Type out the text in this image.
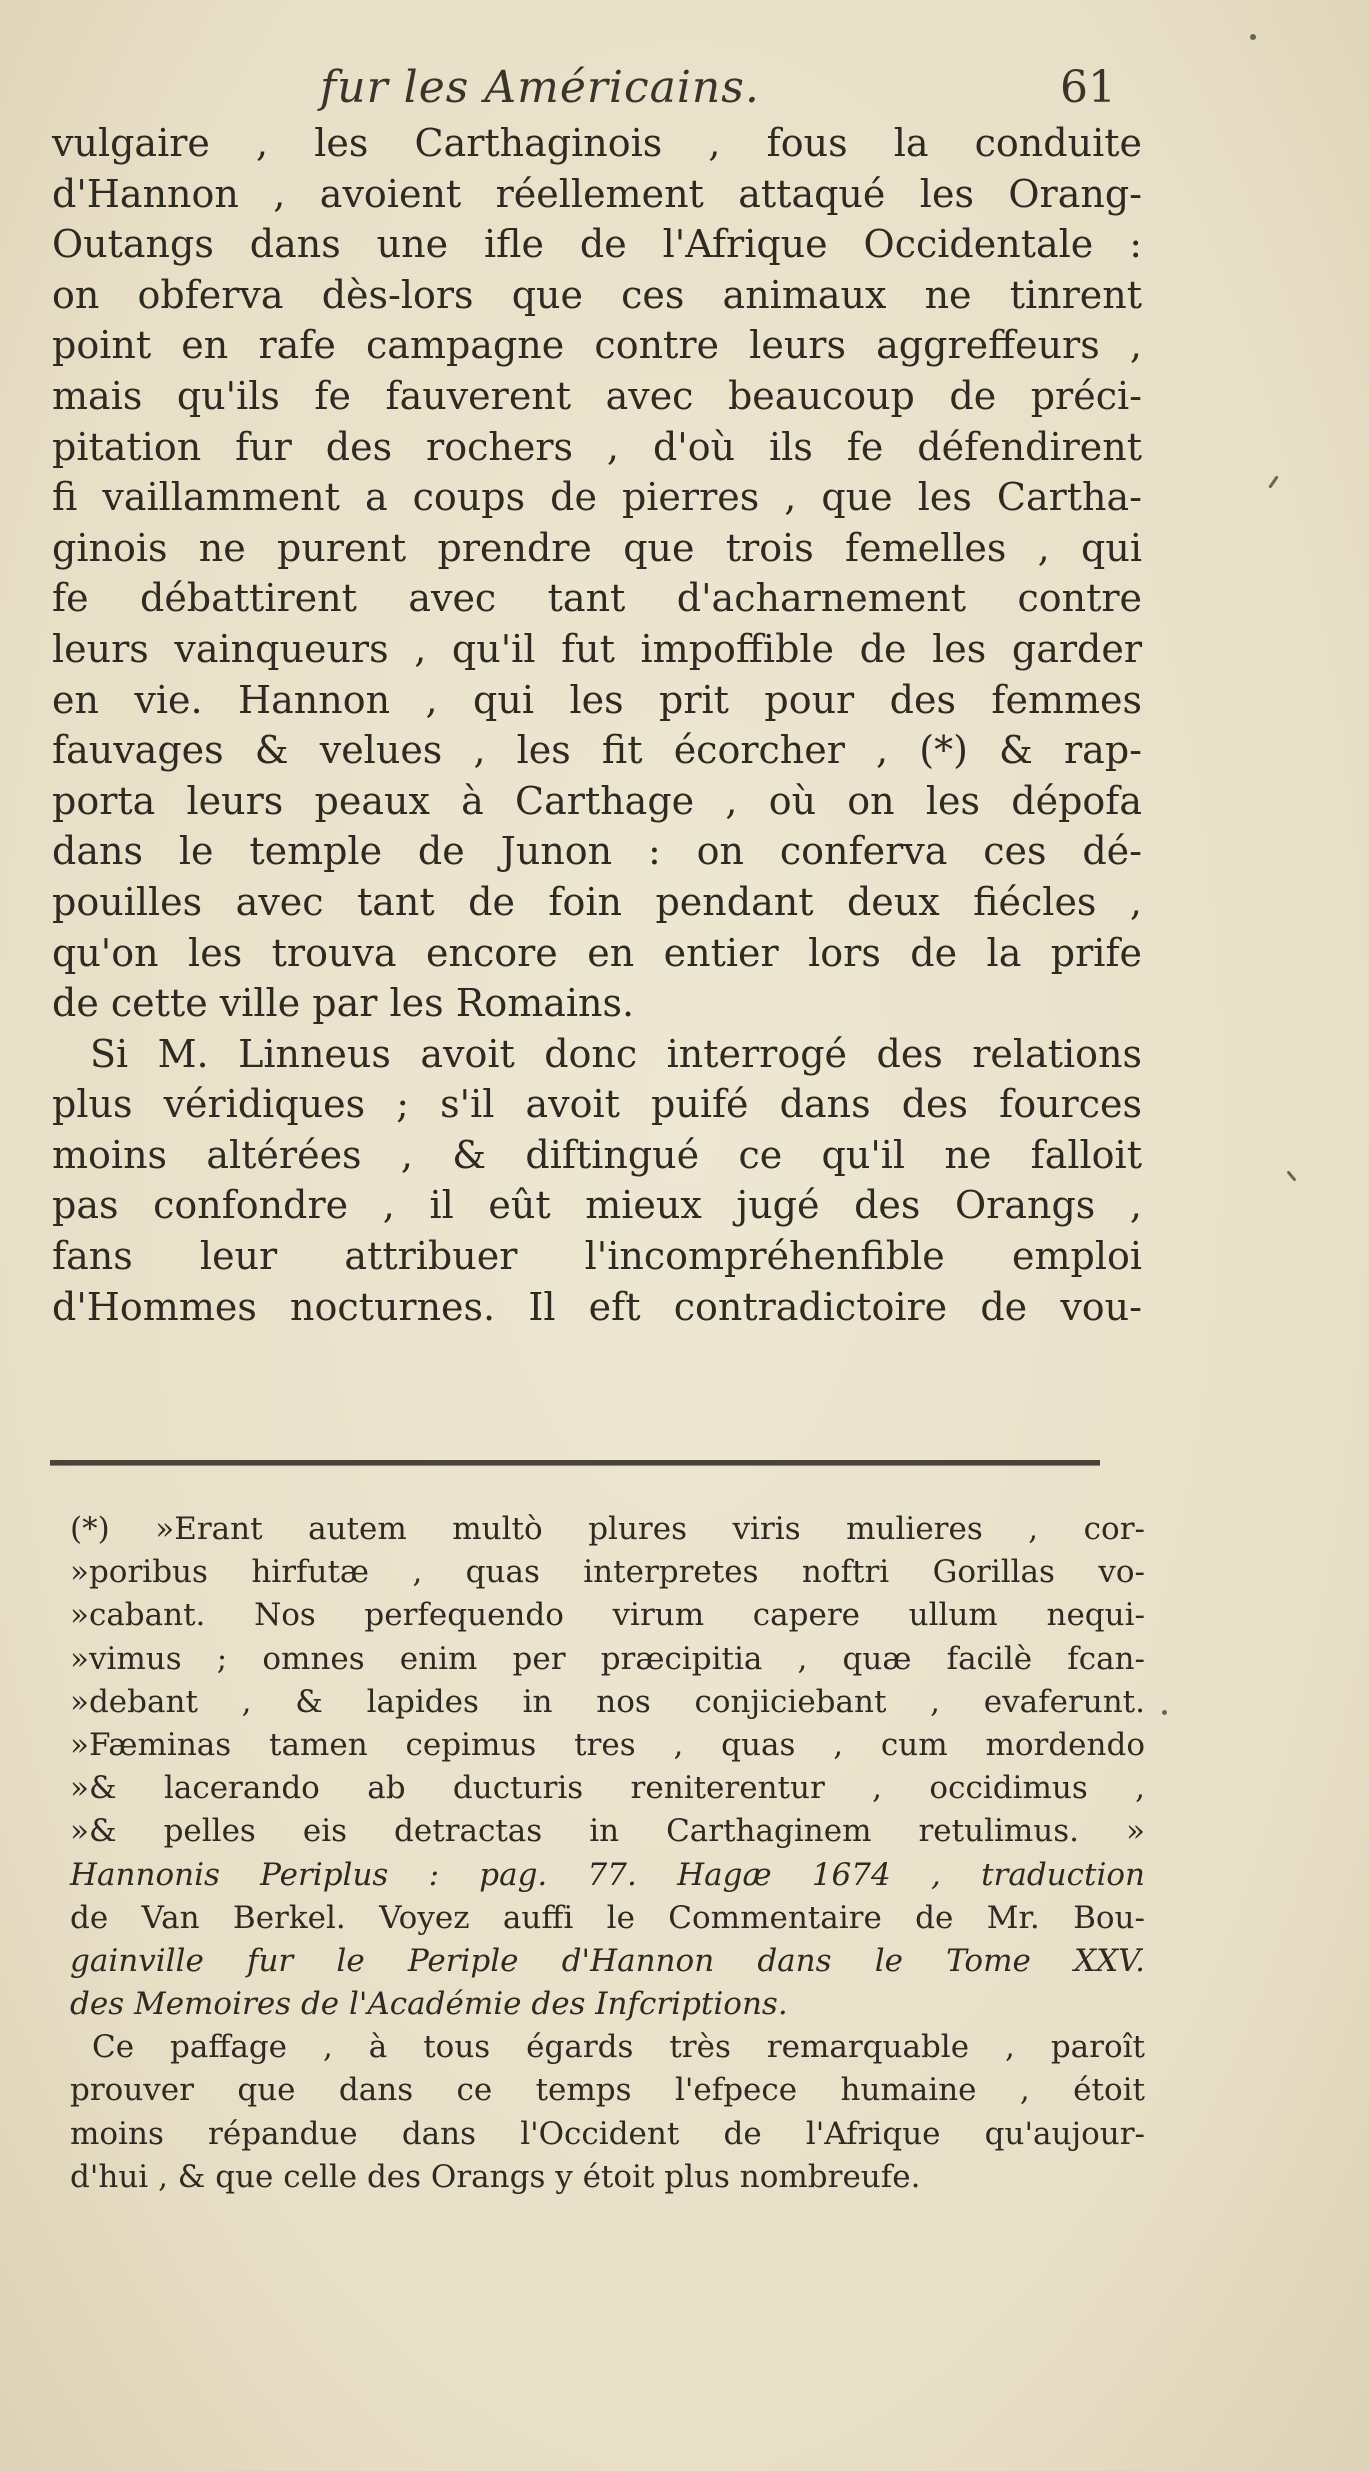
fur les Américains.	61
vulgaire , les Carthaginois , fous la conduite
d'Hannon , avoient réellement attaqué les Orang-
Outangs dans une ifle de l'Afrique Occidentale :
on obferva dès-lors que ces animaux ne tinrent
point en rafe campagne contre leurs aggreffeurs ,
mais qu'ils fe fauverent avec beaucoup de préci-
pitation fur des rochers , d'où ils fe défendirent
fi vaillamment a coups de pierres , que les Cartha-
ginois ne purent prendre que trois femelles , qui
fe débattirent avec tant d'acharnement contre
leurs vainqueurs , qu'il fut impoffible de les garder
en vie. Hannon , qui les prit pour des femmes
fauvages & velues , les fit écorcher , (*) & rap-
porta leurs peaux à Carthage , où on les dépofa
dans le temple de Junon : on conferva ces dé-
pouilles avec tant de foin pendant deux fiécles ,
qu'on les trouva encore en entier lors de la prife
de cette ville par les Romains.
Si M. Linneus avoit donc interrogé des relations
plus véridiques ; s'il avoit puifé dans des fources
moins altérées , & diftingué ce qu'il ne falloit
pas confondre , il eût mieux jugé des Orangs ,
fans leur attribuer l'incompréhenfible emploi
d'Hommes nocturnes. Il eft contradictoire de vou-
(*) »Erant autem multò plures viris mulieres , cor-
»poribus hirfutæ , quas interpretes noftri Gorillas vo-
»cabant. Nos perfequendo virum capere ullum nequi-
»vimus ; omnes enim per præcipitia , quæ facilè fcan-
»debant , & lapides in nos conjiciebant , evaferunt.
»Fæminas tamen cepimus tres , quas , cum mordendo
»& lacerando ab ducturis reniterentur , occidimus ,
»& pelles eis detractas in Carthaginem retulimus. »
Hannonis Periplus : pag. 77. Hagæ 1674 , traduction
de Van Berkel. Voyez auffi le Commentaire de Mr. Bou-
gainville fur le Periple d'Hannon dans le Tome XXV.
des Memoires de l'Académie des Infcriptions.
Ce paffage , à tous égards très remarquable , paroît
prouver que dans ce temps l'efpece humaine , étoit
moins répandue dans l'Occident de l'Afrique qu'aujour-
d'hui , & que celle des Orangs y étoit plus nombreufe.
